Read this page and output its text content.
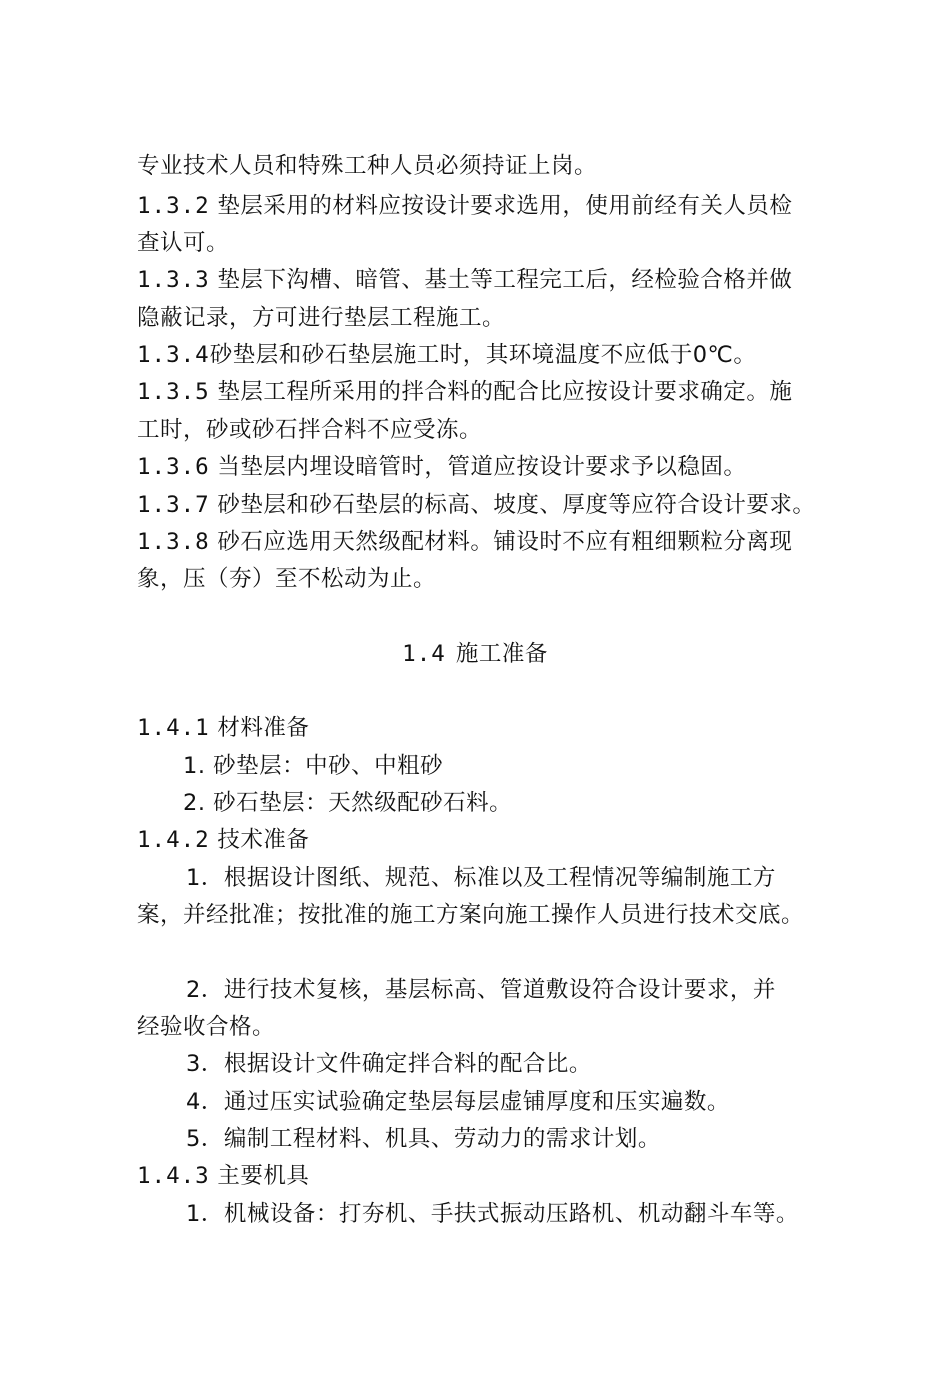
专业技术人员和特殊工种人员必须持证上岗。

1.3.2 垫层采用的材料应按设计要求选用，使用前经有关人员检

查认可。

1.3.3 垫层下沟槽、暗管、基土等工程完工后，经检验合格并做

隐蔽记录，方可进行垫层工程施工。

1.3.4砂垫层和砂石垫层施工时，其环境温度不应低于0℃。

1.3.5 垫层工程所采用的拌合料的配合比应按设计要求确定。施

工时，砂或砂石拌合料不应受冻。

1.3.6 当垫层内埋设暗管时，管道应按设计要求予以稳固。

1.3.7 砂垫层和砂石垫层的标高、坡度、厚度等应符合设计要求。

1.3.8 砂石应选用天然级配材料。铺设时不应有粗细颗粒分离现

象，压（夯）至不松动为止。

1.4 施工准备

1.4.1 材料准备

1. 砂垫层：中砂、中粗砂

2. 砂石垫层：天然级配砂石料。

1.4.2 技术准备

1．根据设计图纸、规范、标准以及工程情况等编制施工方

案，并经批准；按批准的施工方案向施工操作人员进行技术交底。

2．进行技术复核，基层标高、管道敷设符合设计要求，并

经验收合格。

3．根据设计文件确定拌合料的配合比。

4．通过压实试验确定垫层每层虚铺厚度和压实遍数。

5．编制工程材料、机具、劳动力的需求计划。

1.4.3 主要机具

1．机械设备：打夯机、手扶式振动压路机、机动翻斗车等。
